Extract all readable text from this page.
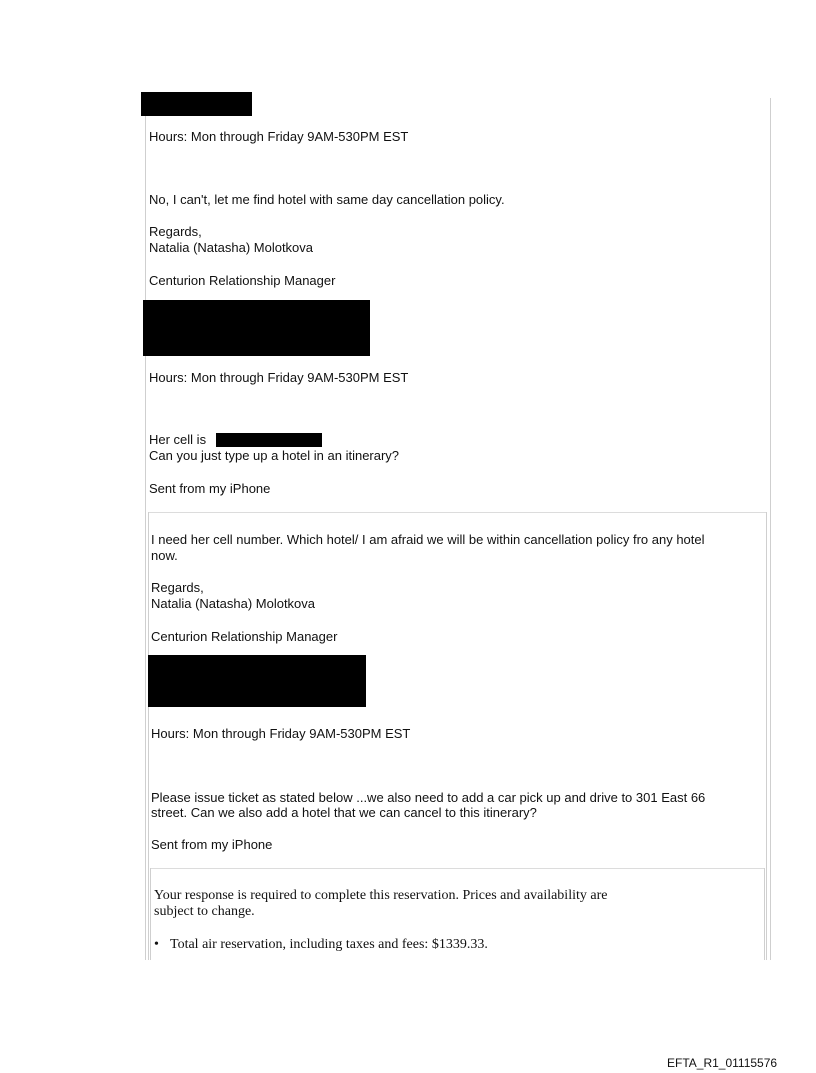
Hours: Mon through Friday 9AM-530PM EST
No, I can't, let me find hotel with same day cancellation policy.
Regards,
Natalia (Natasha) Molotkova
Centurion Relationship Manager
Hours: Mon through Friday 9AM-530PM EST
Her cell is
Can you just type up a hotel in an itinerary?
Sent from my iPhone
I need her cell number. Which hotel/ I am afraid we will be within cancellation policy fro any hotel
now.
Regards,
Natalia (Natasha) Molotkova
Centurion Relationship Manager
Hours: Mon through Friday 9AM-530PM EST
Please issue ticket as stated below ...we also need to add a car pick up and drive to 301 East 66
street. Can we also add a hotel that we can cancel to this itinerary?
Sent from my iPhone
Your response is required to complete this reservation. Prices and availability are
subject to change.
• Total air reservation, including taxes and fees: $1339.33.
EFTA_R1_01115576
